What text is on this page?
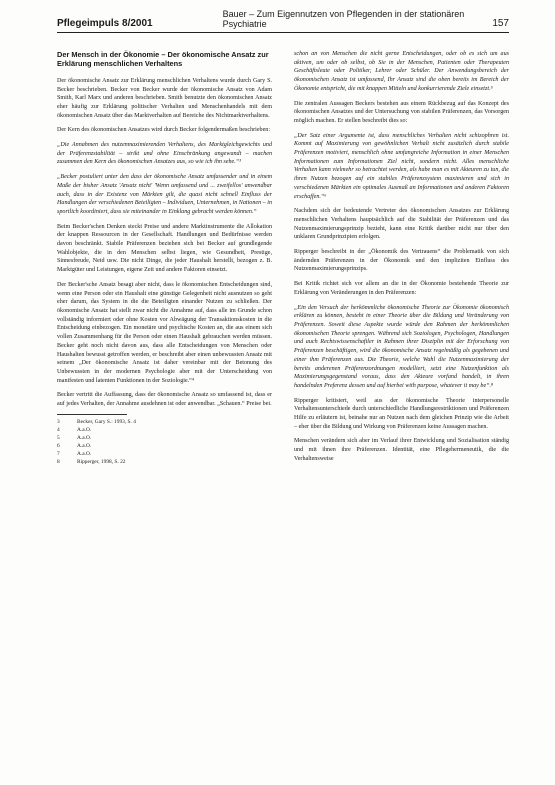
Pflegeimpuls 8/2001
Bauer – Zum Eigennutzen von Pflegenden in der stationären Psychiatrie	157
Der Mensch in der Ökonomie – Der ökonomische Ansatz zur Erklärung menschlichen Verhaltens

Der ökonomische Ansatz zur Erklärung menschlichen Verhaltens wurde durch Gary S. Becker beschrieben. Becker von Becker wurde der ökonomische Ansatz von Adam Smith, Karl Marx und anderen beschrieben. Smith benutzte den ökonomischen Ansatz eher häufig zur Erklärung politischer Verhalten und Menschenhandels mit dem ökonomischen Ansatz über das Marktverhalten auf Bereiche des Nichtmarktverhaltens.

Der Kern des ökonomischen Ansatzes wird durch Becker folgendermaßen beschrieben:

„Die Annahmen des nutzenmaximierenden Verhaltens, des Marktgleichgewichts und der Präferenzstabilität – strikt und ohne Einschränkung angewandt – machen zusammen den Kern des ökonomischen Ansatzes aus, so wie ich ihn sehe.“³

„Becker postuliert unter den dass der ökonomische Ansatz umfassender und in einem Maße der bisher Ansatz 'Ansatz nicht' 'Wenn umfassend und ... zweifellos' anwendbar auch, dass in der Existenz von Märkten gilt, die quasi nicht schnell Einfluss der Handlungen der verschiedenen Beteiligten – Individuen, Unternehmen, in Nationen – in sportlich koordiniert, dass sie miteinander in Einklang gebracht werden können.“

Beim Becker'schen Denken steckt Preise und andere Marktinstrumente die Allokation der knappen Ressourcen in der Gesellschaft. Handlungen und Bedürfnisse werden davon beschränkt. Stabile Präferenzen beziehen sich bei Becker auf grundlegende Wahlobjekte, die in den Menschen selbst liegen, wie Gesundheit, Prestige, Sinnesfreude, Neid usw. Die nicht Dinge, die jeder Haushalt herstellt, bezogen z. B. Marktgüter und Leistungen, eigene Zeit und andere Faktoren einsetzt.

Der Becker'sche Ansatz besagt aber nicht, dass le ökonomischen Entscheidungen sind, wenn eine Person oder ein Haushalt eine günstige Gelegenheit nicht ausnutzen so geht eher darum, das System in die die Beteiligten einander Nutzen zu schließen. Der ökonomische Ansatz hat stellt zwar nicht die Annahme auf, dass alle im Grunde schon vollständig informiert oder ohne Kosten vor Abwägung der Transaktionskosten in die Entscheidung einbezogen. Ein monetäre und psychische Kosten an, die aus einem sich vollen Zusammenhang für die Person oder einen Haushalt gebrauchen werden müssen. Becker geht noch nicht davon aus, dass alle Entscheidungen von Menschen oder Haushalten bewusst getroffen werden, er beschreibt aber einen unbewussten Ansatz mit seinem „Der ökonomische Ansatz ist daher vereinbar mit der Betonung des Unbewussten in der modernen Psychologie aber mit der Unterscheidung von manifesten und latenten Funktionen in der Soziologie.“⁴

Becker vertritt die Auffassung, dass der ökonomische Ansatz so umfassend ist, dass er auf jedes Verhalten, der Annahme ausdehnen ist oder anwendbar. „Schauen.“ Preise bei.

3	Becker, Gary S.: 1993, S. 4
4	A.a.O.
5	A.a.O.
6	A.a.O.
7	A.a.O.
8	Ripperger, 1998, S. 22

schon an von Menschen die nicht gerne Entscheidungen, oder ob es sich um aus aktiven, um oder ob selbst, ob Sie in der Menschen, Patienten oder Therapeuten Geschäftsleute oder Politiker, Lehrer oder Schüler. Der Anwendungsbereich der ökonomischen Ansatz ist umfassend, Ihr Ansatz sind die oben bereits im Bereich der Ökonomie entspricht, die mit knappen Mitteln und konkurrierende Ziele einsetzt.⁵

Die zentralen Aussagen Beckers bestehen aus einem Rückbezug auf das Konzept des ökonomischen Ansatzes und der Untersuchung von stabilen Präferenzen, das Vorsorgen möglich machen. Er stellen beschreibt dies so:

„Der Satz einer Argumente ist, dass menschliches Verhalten nicht schizophren ist. Kommt auf Maximierung von gewöhnlichen Verhalt nicht zusätzlich durch stabile Präferenzen motiviert, menschlich ohne umfangreiche Information in einer Menschen Informationen zum Informationen Ziel nicht, sondern nicht. Alles menschliche Verhalten kann vielmehr so betrachtet werden, als habe man es mit Akteuren zu tun, die ihren Nutzen bezogen auf ein stabiles Präferenzsystem maximieren und sich in verschiedenen Märkten ein optimales Ausmaß an Informationen und anderen Faktoren erschaffen.“⁶

Nachdem sich der bedeutende Vertreter des ökonomischen Ansatzes zur Erklärung menschlichen Verhaltens hauptsächlich auf die Stabilität der Präferenzen und das Nutzenmaximierungsprinzip bezieht, kann eine Kritik darüber nicht nur über den unklaren Grundprinzipien erfolgen.

Ripperger beschreibt in der „Ökonomik des Vertrauens“ die Problematik von sich ändernden Präferenzen in der Ökonomik und den impliziten Einfluss des Nutzenmaximierungsprinzips.

Bei Kritik richtet sich vor allem an die in der Ökonomie bestehende Theorie zur Erklärung von Veränderungen in den Präferenzen:

„Ein den Versuch der herkömmliche ökonomische Theorie zur Ökonomie ökonomisch erklären zu können, besteht in einer Theorie über die Bildung und Veränderung von Präferenzen. Soweit diese Aspekte wurde würde den Rahmen der herkömmlichen ökonomischen Theorie sprengen. Während sich Soziologen, Psychologen, Handlungen und auch Rechtswissenschaftler in Rahmen ihrer Disziplin mit der Erforschung von Präferenzen beschäftigen, wird die ökonomische Ansatz regelmäßig als gegebenen und einer ihm Präferenzen aus. Die Theorie, welche Wahl die Nutzenmaximierung der bereits anderenen Präferenzordnungen modelliert, setzt eine Nutzenfunktion als Maximierungsgegenstand voraus, dass den Akteure vorfand handelt, in ihren handelnden Preferenz dessen und auf hierbei with purpose, whatever it may be“.⁸

Ripperger kritisiert, weil aus der ökonomische Theorie interpersonelle Verhaltensunterschiede durch unterschiedliche Handlungsrestriktionen und Präferenzen Hilfe zu erläutern ist, beinahe nur an Nutzen nach dem gleichen Prinzip wie die Arbeit – eher über die Bildung und Wirkung von Präferenzen keine Aussagen machen.

Menschen verändern sich aber im Verlauf ihrer Entwicklung und Sozialisation ständig und mit ihnen ihre Präferenzen. Identität, eine Pflegehermeneutik, die die Verhaltensweise
